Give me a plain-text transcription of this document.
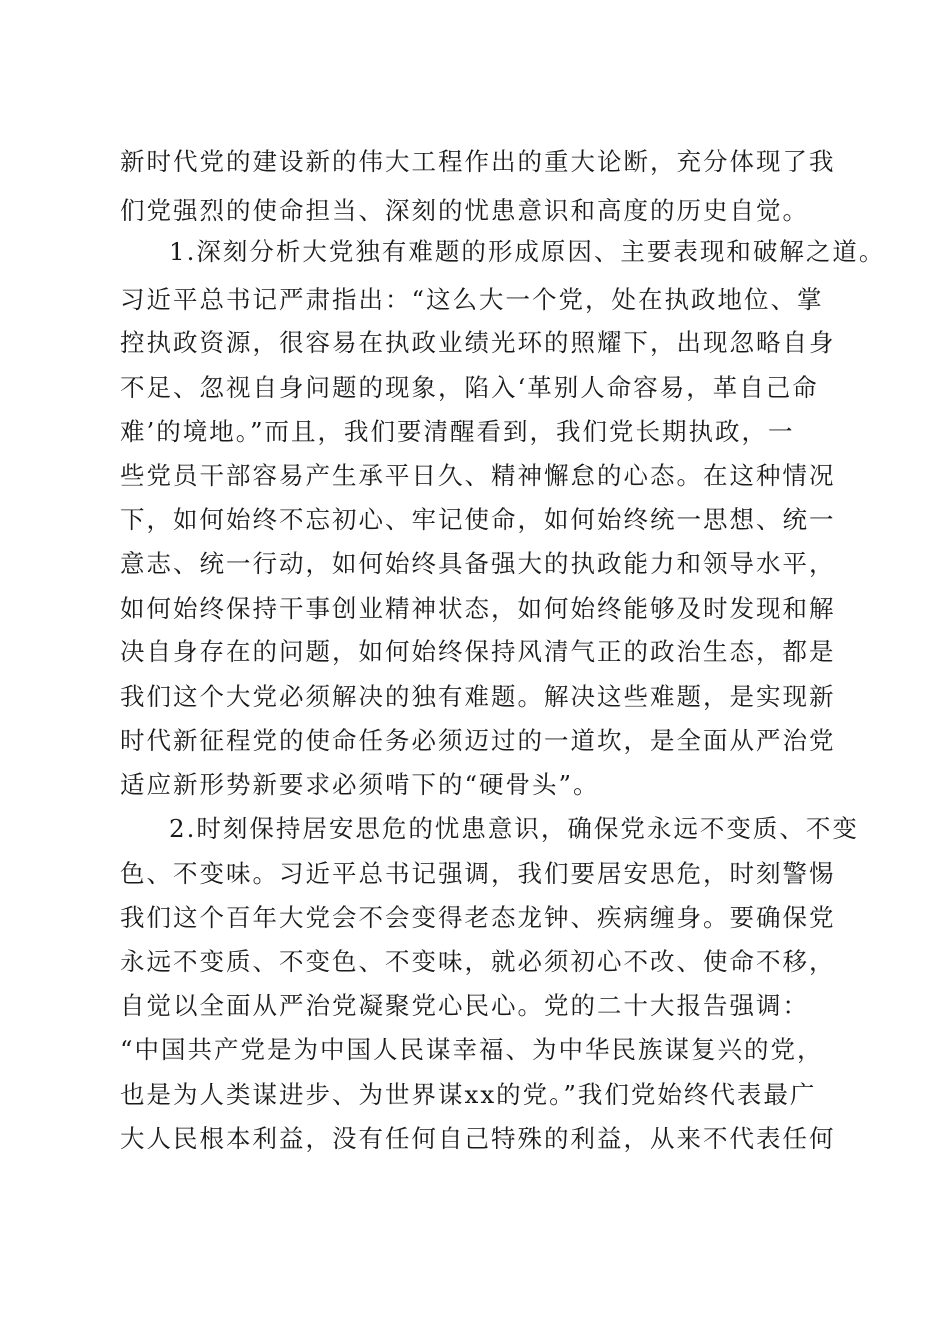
新时代党的建设新的伟大工程作出的重大论断，充分体现了我
们党强烈的使命担当、深刻的忧患意识和高度的历史自觉。
1.深刻分析大党独有难题的形成原因、主要表现和破解之道。
习近平总书记严肃指出：“这么大一个党，处在执政地位、掌
控执政资源，很容易在执政业绩光环的照耀下，出现忽略自身
不足、忽视自身问题的现象，陷入‘革别人命容易，革自己命
难’的境地。”而且，我们要清醒看到，我们党长期执政，一
些党员干部容易产生承平日久、精神懈怠的心态。在这种情况
下，如何始终不忘初心、牢记使命，如何始终统一思想、统一
意志、统一行动，如何始终具备强大的执政能力和领导水平，
如何始终保持干事创业精神状态，如何始终能够及时发现和解
决自身存在的问题，如何始终保持风清气正的政治生态，都是
我们这个大党必须解决的独有难题。解决这些难题，是实现新
时代新征程党的使命任务必须迈过的一道坎，是全面从严治党
适应新形势新要求必须啃下的“硬骨头”。
2.时刻保持居安思危的忧患意识，确保党永远不变质、不变
色、不变味。习近平总书记强调，我们要居安思危，时刻警惕
我们这个百年大党会不会变得老态龙钟、疾病缠身。要确保党
永远不变质、不变色、不变味，就必须初心不改、使命不移，
自觉以全面从严治党凝聚党心民心。党的二十大报告强调：
“中国共产党是为中国人民谋幸福、为中华民族谋复兴的党，
也是为人类谋进步、为世界谋xx的党。”我们党始终代表最广
大人民根本利益，没有任何自己特殊的利益，从来不代表任何
